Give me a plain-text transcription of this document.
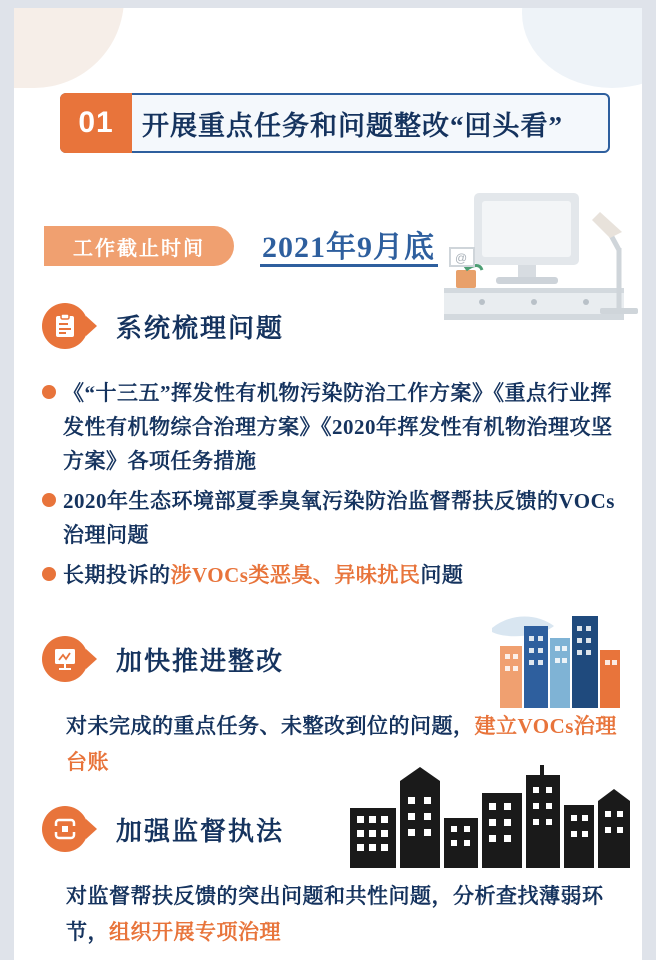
01	开展重点任务和问题整改“回头看”
工作截止时间	2021年9月底 @
系统梳理问题
《“十三五”挥发性有机物污染防治工作方案》《重点行业挥发性有机物综合治理方案》《2020年挥发性有机物治理攻坚方案》各项任务措施
2020年生态环境部夏季臭氧污染防治监督帮扶反馈的VOCs治理问题
长期投诉的涉VOCs类恶臭、异味扰民问题
加快推进整改
对未完成的重点任务、未整改到位的问题，建立VOCs治理台账
加强监督执法
对监督帮扶反馈的突出问题和共性问题，分析查找薄弱环节，组织开展专项治理
